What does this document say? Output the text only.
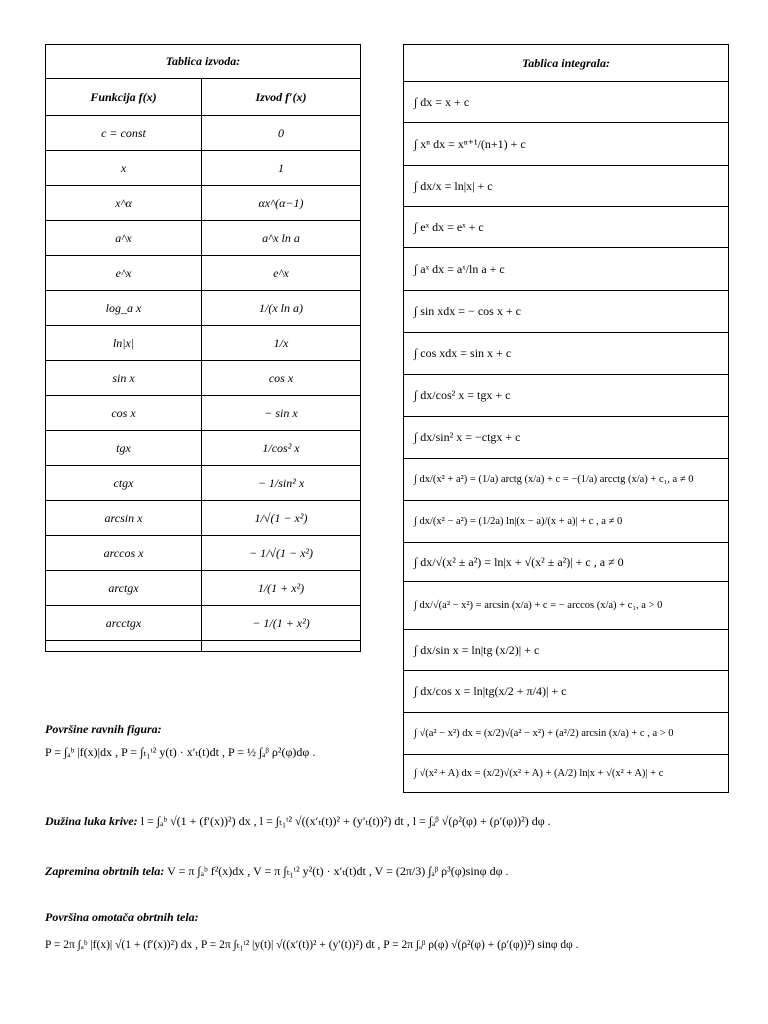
Tablica izvoda:	
Funkcija f(x)	Izvod f′(x)
c = const	0
x	1
x^α	αx^(α−1)
a^x	a^x ln a
e^x	e^x
log_a x	1/(x ln a)
ln|x|	1/x
sin x	cos x
cos x	− sin x
tgx	1/cos² x
ctgx	− 1/sin² x
arcsin x	1/√(1 − x²)
arccos x	− 1/√(1 − x²)
arctgx	1/(1 + x²)
arcctgx	− 1/(1 + x²)

Tablica integrala:
∫ dx = x + c
∫ xⁿ dx = xⁿ⁺¹/(n+1) + c
∫ dx/x = ln|x| + c
∫ eˣ dx = eˣ + c
∫ aˣ dx = aˣ/ln a + c
∫ sin xdx = − cos x + c
∫ cos xdx = sin x + c
∫ dx/cos² x = tgx + c
∫ dx/sin² x = −ctgx + c
∫ dx/(x² + a²) = (1/a) arctg (x/a) + c = −(1/a) arcctg (x/a) + c₁, a ≠ 0
∫ dx/(x² − a²) = (1/2a) ln|(x − a)/(x + a)| + c , a ≠ 0
∫ dx/√(x² ± a²) = ln|x + √(x² ± a²)| + c , a ≠ 0
∫ dx/√(a² − x²) = arcsin (x/a) + c = − arccos (x/a) + c₁, a > 0
∫ dx/sin x = ln|tg (x/2)| + c
∫ dx/cos x = ln|tg(x/2 + π/4)| + c
∫ √(a² − x²) dx = (x/2)√(a² − x²) + (a²/2) arcsin (x/a) + c , a > 0
∫ √(x² + A) dx = (x/2)√(x² + A) + (A/2) ln|x + √(x² + A)| + c
Površine ravnih figura:
P = ∫ₐᵇ |f(x)|dx , P = ∫ₜ₁ᵗ² y(t) · x′ₜ(t)dt , P = ½ ∫ₐᵝ ρ²(φ)dφ .
Dužina luka krive: l = ∫ₐᵇ √(1 + (f′(x))²) dx , l = ∫ₜ₁ᵗ² √((x′ₜ(t))² + (y′ₜ(t))²) dt , l = ∫ₐᵝ √(ρ²(φ) + (ρ′(φ))²) dφ .
Zapremina obrtnih tela: V = π ∫ₐᵇ f²(x)dx , V = π ∫ₜ₁ᵗ² y²(t) · x′ₜ(t)dt , V = (2π/3) ∫ₐᵝ ρ³(φ)sinφ dφ .
Površina omotača obrtnih tela:
P = 2π ∫ₐᵇ |f(x)| √(1 + (f′(x))²) dx , P = 2π ∫ₜ₁ᵗ² |y(t)| √((x′(t))² + (y′(t))²) dt , P = 2π ∫ₐᵝ ρ(φ) √(ρ²(φ) + (ρ′(φ))²) sinφ dφ .
